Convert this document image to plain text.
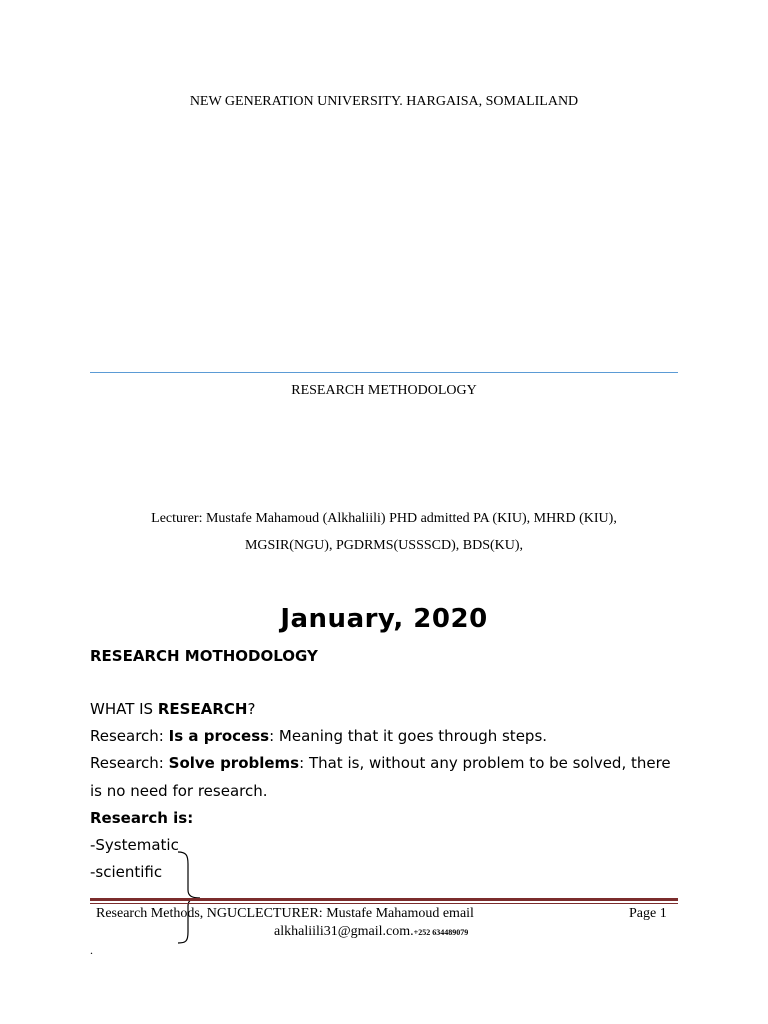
NEW GENERATION UNIVERSITY. HARGAISA, SOMALILAND
RESEARCH METHODOLOGY
Lecturer: Mustafe Mahamoud (Alkhaliili) PHD admitted PA (KIU), MHRD (KIU),
MGSIR(NGU), PGDRMS(USSSCD), BDS(KU),
January, 2020
RESEARCH MOTHODOLOGY
WHAT IS RESEARCH?
Research: Is a process: Meaning that it goes through steps.
Research: Solve problems: That is, without any problem to be solved, there
is no need for research.
Research is:
-Systematic
-scientific
Research Methods, NGUCLECTURER: Mustafe Mahamoud email	Page 1
alkhaliili31@gmail.com.+252 634489079
.
